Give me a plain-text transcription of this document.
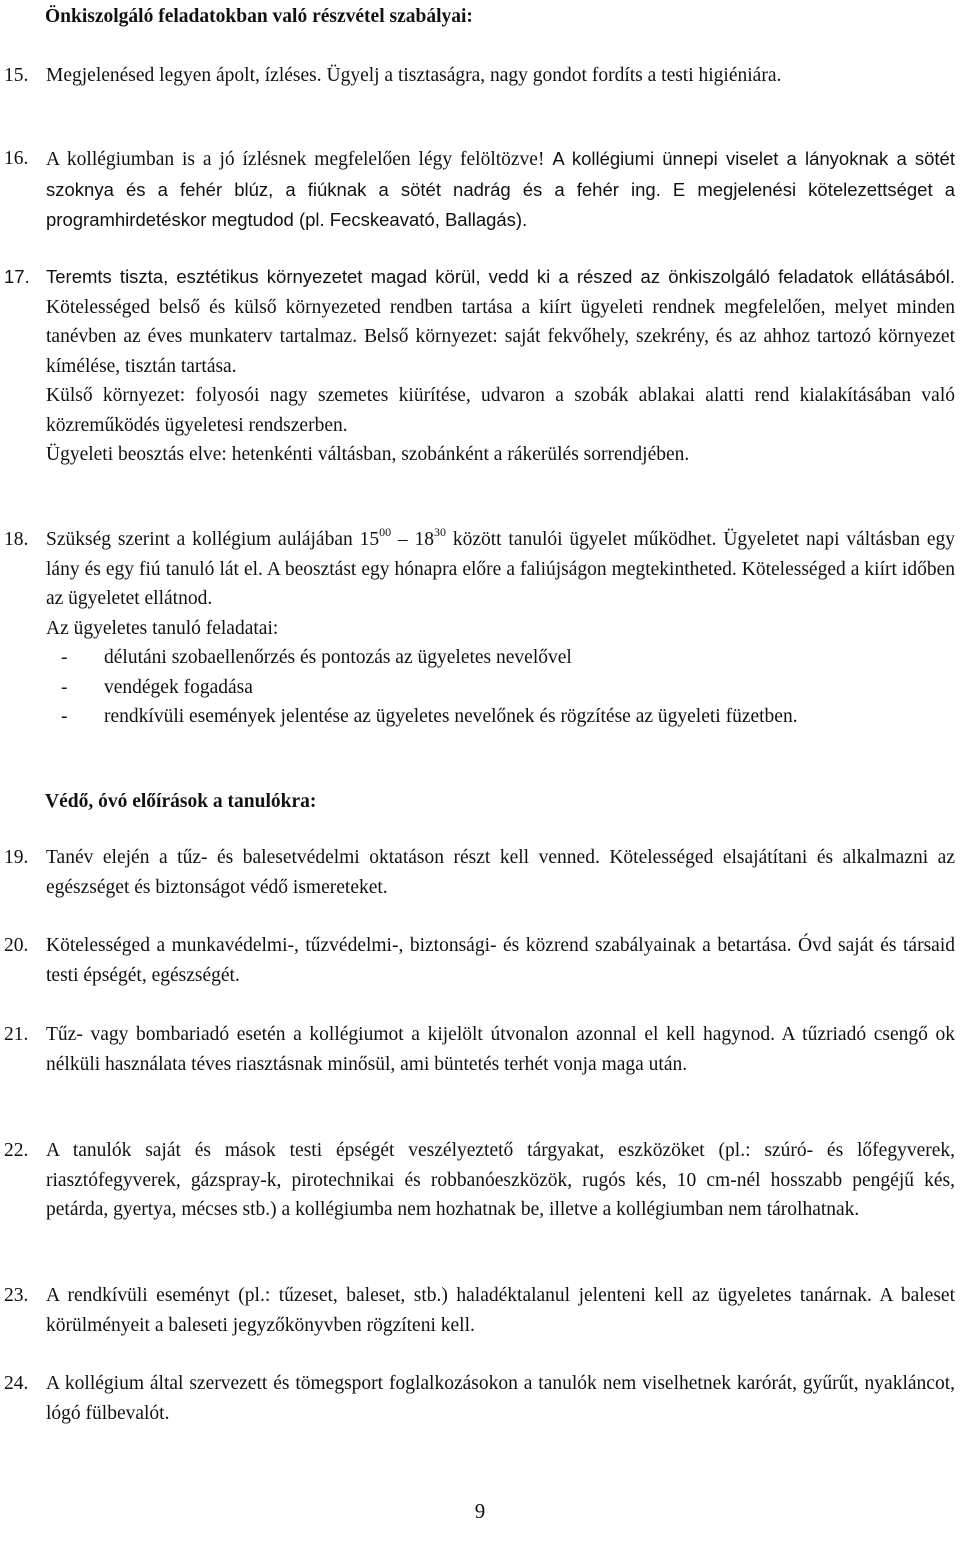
Önkiszolgáló feladatokban való részvétel szabályai:
15. Megjelenésed legyen ápolt, ízléses. Ügyelj a tisztaságra, nagy gondot fordíts a testi higiéniára.
16. A kollégiumban is a jó ízlésnek megfelelően légy felöltözve! A kollégiumi ünnepi viselet a lányoknak a sötét szoknya és a fehér blúz, a fiúknak a sötét nadrág és a fehér ing. E megjelenési kötelezettséget a programhirdetéskor megtudod (pl. Fecskeavató, Ballagás).
17. Teremts tiszta, esztétikus környezetet magad körül, vedd ki a részed az önkiszolgáló feladatok ellátásából. Kötelességed belső és külső környezeted rendben tartása a kiírt ügyeleti rendnek megfelelően, melyet minden tanévben az éves munkaterv tartalmaz. Belső környezet: saját fekvőhely, szekrény, és az ahhoz tartozó környezet kímélése, tisztán tartása.

Külső környezet: folyosói nagy szemetes kiürítése, udvaron a szobák ablakai alatti rend kialakításában való közreműködés ügyeletesi rendszerben.

Ügyeleti beosztás elve: hetenkénti váltásban, szobánként a rákerülés sorrendjében.

18. Szükség szerint a kollégium aulájában $15^{00} - 18^{30}$ között tanulói ügyelet működhet. Ügyeletet napi váltásban egy lány és egy fiú tanuló lát el. A beosztást egy hónapra előre a faliújságon megtekintheted. Kötelességed a kiírt időben az ügyeletet ellátnod.

Az ügyeletes tanuló feladatai:

- délutáni szobaellenőrzés és pontozás az ügyeletes nevelővel
- vendégek fogadása
- rendkívüli események jelentése az ügyeletes nevelőnek és rögzítése az ügyeleti füzetben.
Védő, óvó előírások a tanulókra:
19. Tanév elején a tűz- és balesetvédelmi oktatáson részt kell venned. Kötelességed elsajátítani és alkalmazni az egészséget és biztonságot védő ismereteket.
20. Kötelességed a munkavédelmi-, tűzvédelmi-, biztonsági- és közrend szabályainak a betartása. Óvd saját és társaid testi épségét, egészségét.
21. Tűz- vagy bombariadó esetén a kollégiumot a kijelölt útvonalon azonnal el kell hagynod. A tűzriadó csengő ok nélküli használata téves riasztásnak minősül, ami büntetés terhét vonja maga után.
22. A tanulók saját és mások testi épségét veszélyeztető tárgyakat, eszközöket (pl.: szúró- és lőfegyverek, riasztófegyverek, gázspray-k, pirotechnikai és robbanóeszközök, rugós kés, 10 cm-nél hosszabb pengéjű kés, petárda, gyertya, mécses stb.) a kollégiumba nem hozhatnak be, illetve a kollégiumban nem tárolhatnak.
23. A rendkívüli eseményt (pl.: tűzeset, baleset, stb.) haladéktalanul jelenteni kell az ügyeletes tanárnak. A baleset körülményeit a baleseti jegyzőkönyvben rögzíteni kell.
24. A kollégium által szervezett és tömegsport foglalkozásokon a tanulók nem viselhetnek karórát, gyűrűt, nyakláncot, lógó fülbevalót.
9
